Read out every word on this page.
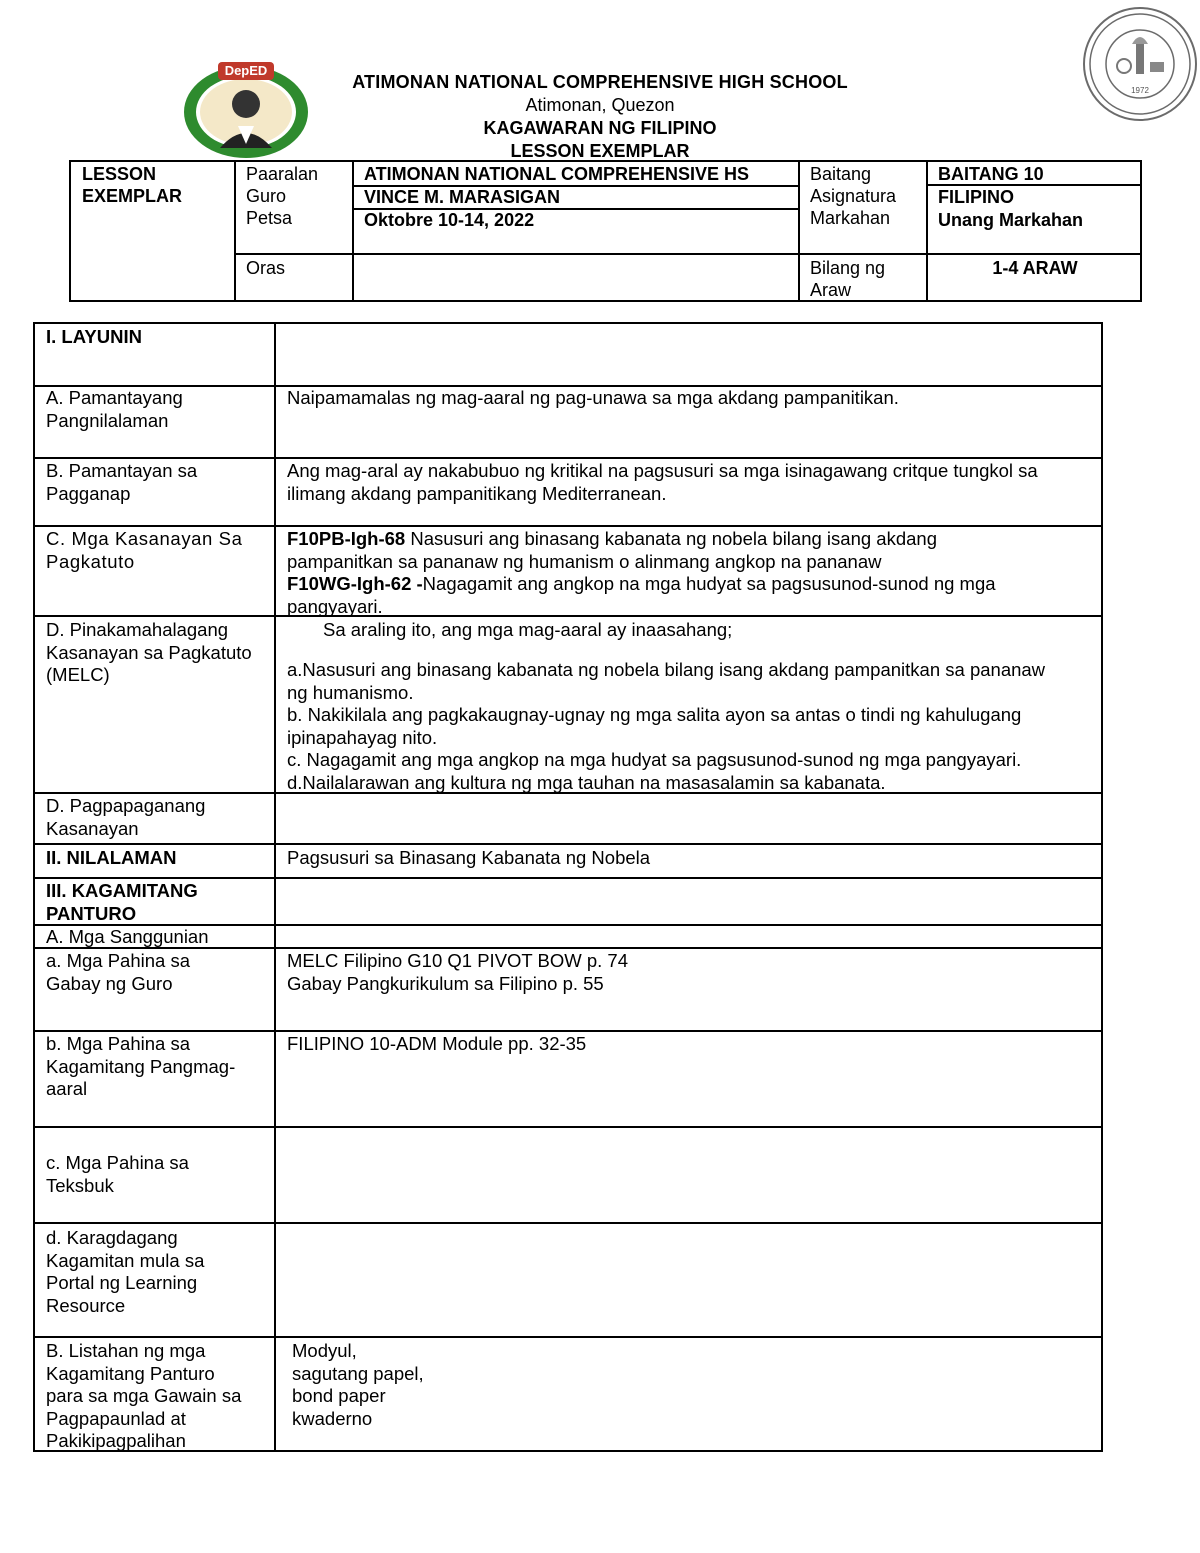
DepED
1972
ATIMONAN NATIONAL COMPREHENSIVE HIGH SCHOOL
Atimonan, Quezon
KAGAWARAN NG FILIPINO
LESSON EXEMPLAR
LESSON
EXEMPLAR
Paaralan
Guro
Petsa
ATIMONAN NATIONAL COMPREHENSIVE HS
VINCE M. MARASIGAN
Oktobre 10-14, 2022
Baitang
Asignatura
Markahan
BAITANG 10
FILIPINO
Unang Markahan
Oras	Bilang ng
Araw
1-4 ARAW
I. LAYUNIN
A. Pamantayang
Pangnilalaman
B. Pamantayan sa
Pagganap
C. Mga Kasanayan Sa
Pagkatuto
D. Pinakamahalagang
Kasanayan sa Pagkatuto
(MELC)
D. Pagpapaganang
Kasanayan
II. NILALAMAN
III. KAGAMITANG
PANTURO
A. Mga Sanggunian
a. Mga Pahina sa
Gabay ng Guro
b. Mga Pahina sa
Kagamitang Pangmag-
aaral
c. Mga Pahina sa
Teksbuk
d. Karagdagang
Kagamitan mula sa
Portal ng Learning
Resource
B. Listahan ng mga
Kagamitang Panturo
para sa mga Gawain sa
Pagpapaunlad at
Pakikipagpalihan
Naipamamalas ng mag-aaral ng pag-unawa sa mga akdang pampanitikan.
Ang mag-aral ay nakabubuo ng kritikal na pagsusuri sa mga isinagawang critque tungkol sa
ilimang akdang pampanitikang Mediterranean.
F10PB-Igh-68 Nasusuri ang binasang kabanata ng nobela bilang isang akdang
pampanitkan sa pananaw ng humanism o alinmang angkop na pananaw
F10WG-Igh-62 -Nagagamit ang angkop na mga hudyat sa pagsusunod-sunod ng mga
pangyayari.
Sa araling ito, ang mga mag-aaral ay inaasahang;
a.Nasusuri ang binasang kabanata ng nobela bilang isang akdang pampanitkan sa pananaw
ng humanismo.
b. Nakikilala ang pagkakaugnay-ugnay ng mga salita ayon sa antas o tindi ng kahulugang
ipinapahayag nito.
c. Nagagamit ang mga angkop na mga hudyat sa pagsusunod-sunod ng mga pangyayari.
d.Nailalarawan ang kultura ng mga tauhan na masasalamin sa kabanata.
Pagsusuri sa Binasang Kabanata ng Nobela
MELC Filipino G10 Q1 PIVOT BOW p. 74
Gabay Pangkurikulum sa Filipino p. 55
FILIPINO 10-ADM Module pp. 32-35
Modyul,
sagutang papel,
bond paper
kwaderno
